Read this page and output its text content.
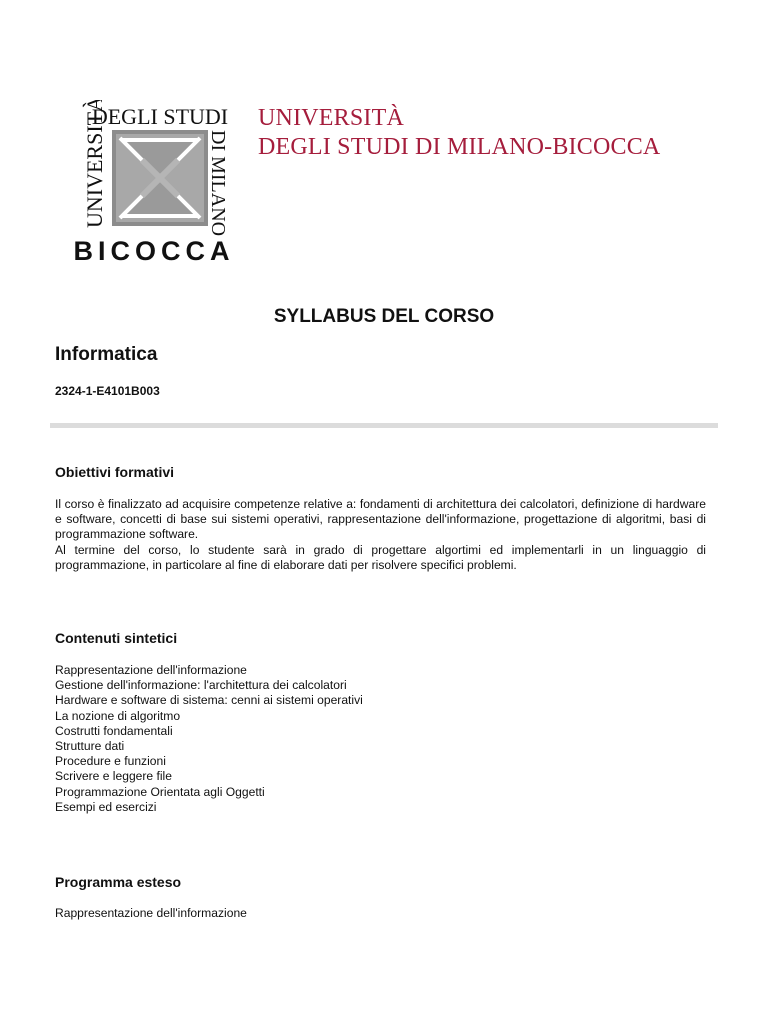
DEGLI STUDI
UNIVERSITÀ	DI MILANO
BICOCCA
UNIVERSITÀ
DEGLI STUDI DI MILANO-BICOCCA
SYLLABUS DEL CORSO
Informatica
2324-1-E4101B003
Obiettivi formativi

Il corso è finalizzato ad acquisire competenze relative a: fondamenti di architettura dei calcolatori, definizione di hardware e software, concetti di base sui sistemi operativi, rappresentazione dell'informazione, progettazione di algoritmi, basi di programmazione software.

Al termine del corso, lo studente sarà in grado di progettare algortimi ed implementarli in un linguaggio di programmazione, in particolare al fine di elaborare dati per risolvere specifici problemi.

Contenuti sintetici
Rappresentazione dell'informazione
Gestione dell'informazione: l'architettura dei calcolatori
Hardware e software di sistema: cenni ai sistemi operativi
La nozione di algoritmo
Costrutti fondamentali
Strutture dati
Procedure e funzioni
Scrivere e leggere file
Programmazione Orientata agli Oggetti
Esempi ed esercizi
Programma esteso
Rappresentazione dell'informazione
